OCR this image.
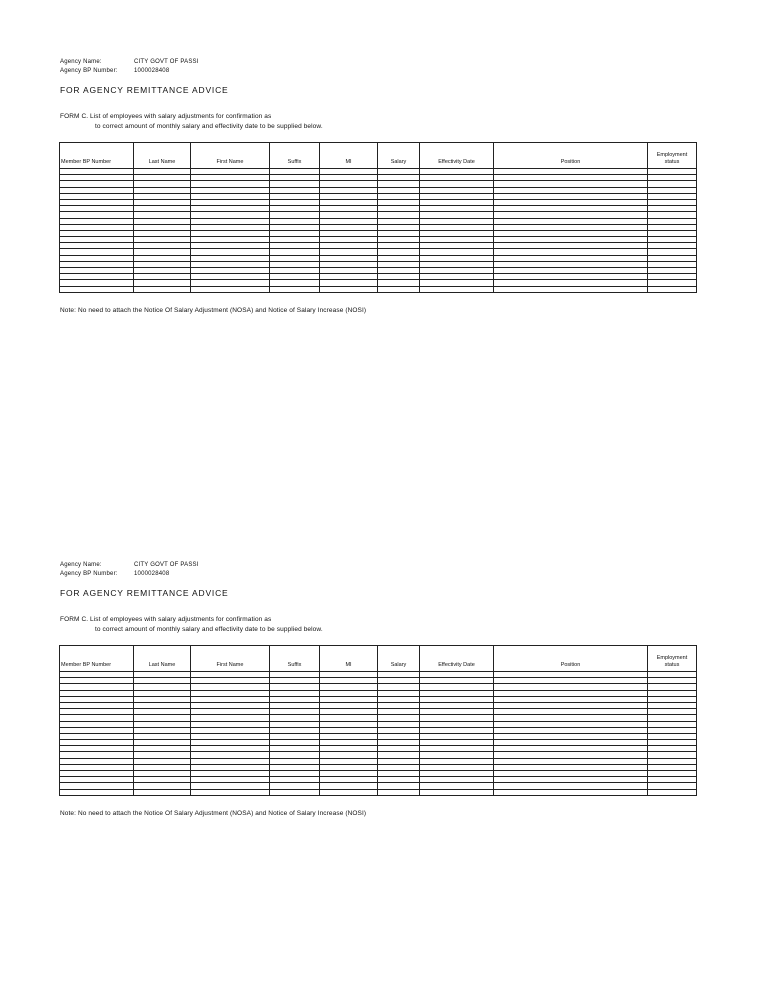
Agency Name:	CITY GOVT OF PASSI
Agency BP Number:	1000028408
FOR AGENCY REMITTANCE ADVICE
FORM C. List of employees with salary adjustments for confirmation as
to correct amount of monthly salary and effectivity date to be supplied below.
Member BP Number	Last Name	First Name	Suffix	MI	Salary	Effectivity Date	Position	Employment status

Note: No need to attach the Notice Of Salary Adjustment (NOSA) and Notice of Salary Increase (NOSI)
Agency Name:	CITY GOVT OF PASSI
Agency BP Number:	1000028408
FOR AGENCY REMITTANCE ADVICE
FORM C. List of employees with salary adjustments for confirmation as
to correct amount of monthly salary and effectivity date to be supplied below.
Member BP Number	Last Name	First Name	Suffix	MI	Salary	Effectivity Date	Position	Employment status

Note: No need to attach the Notice Of Salary Adjustment (NOSA) and Notice of Salary Increase (NOSI)
